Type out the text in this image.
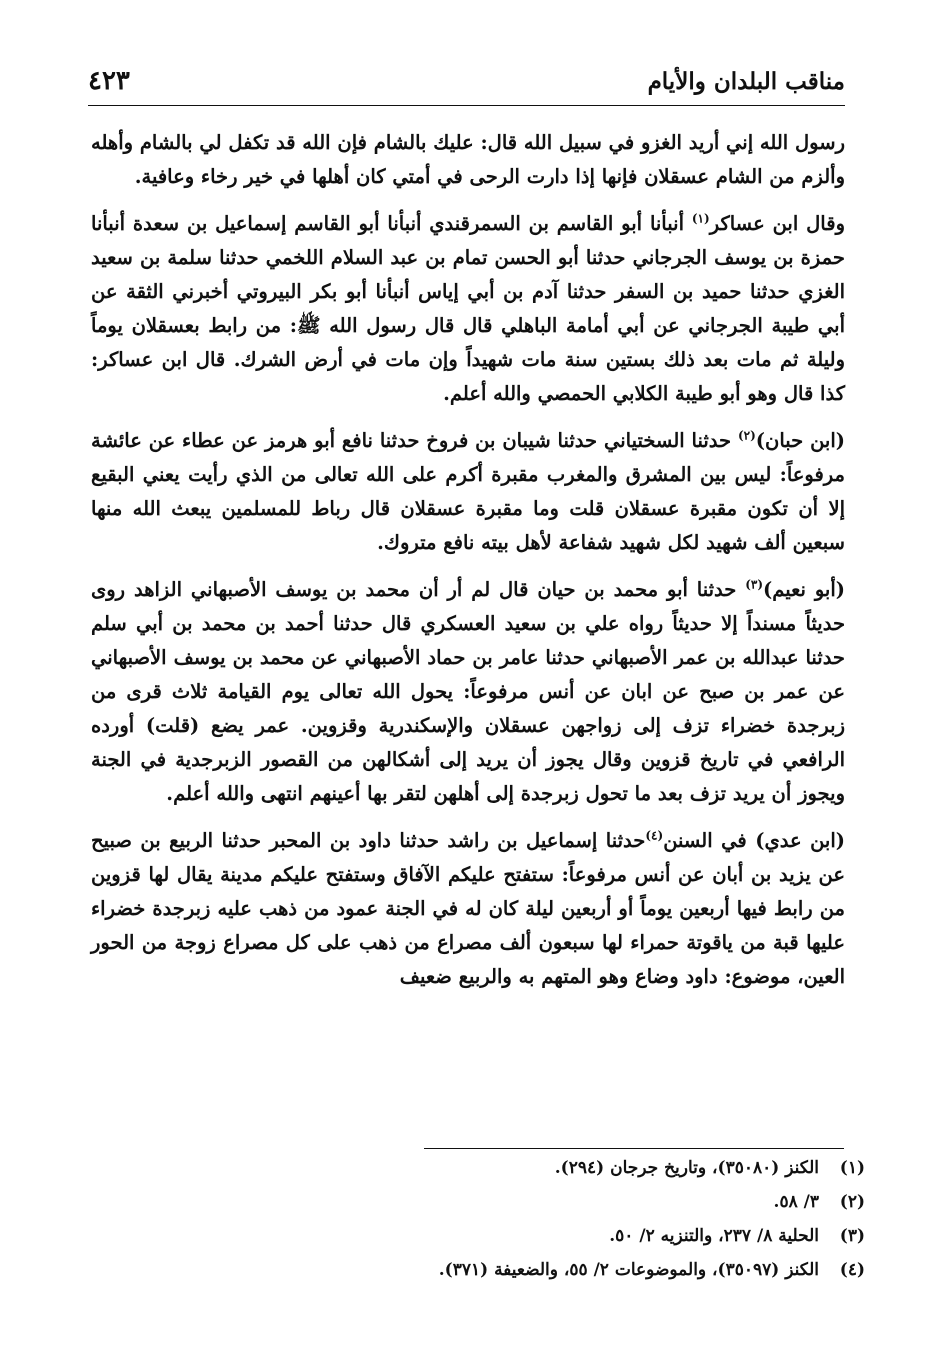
مناقب البلدان والأيام
٤٢٣

رسول الله إني أريد الغزو في سبيل الله قال: عليك بالشام فإن الله قد تكفل لي بالشام وأهله وألزم من الشام عسقلان فإنها إذا دارت الرحى في أمتي كان أهلها في خير رخاء وعافية.

وقال ابن عساكر$^{(١)}$ أنبأنا أبو القاسم بن السمرقندي أنبأنا أبو القاسم إسماعيل بن سعدة أنبأنا حمزة بن يوسف الجرجاني حدثنا أبو الحسن تمام بن عبد السلام اللخمي حدثنا سلمة بن سعيد الغزي حدثنا حميد بن السفر حدثنا آدم بن أبي إياس أنبأنا أبو بكر البيروتي أخبرني الثقة عن أبي طيبة الجرجاني عن أبي أمامة الباهلي قال قال رسول الله ﷺ: من رابط بعسقلان يوماً وليلة ثم مات بعد ذلك بستين سنة مات شهيداً وإن مات في أرض الشرك. قال ابن عساكر: كذا قال وهو أبو طيبة الكلابي الحمصي والله أعلم.

(ابن حبان)$^{(٢)}$ حدثنا السختياني حدثنا شيبان بن فروخ حدثنا نافع أبو هرمز عن عطاء عن عائشة مرفوعاً: ليس بين المشرق والمغرب مقبرة أكرم على الله تعالى من الذي رأيت يعني البقيع إلا أن تكون مقبرة عسقلان قلت وما مقبرة عسقلان قال رباط للمسلمين يبعث الله منها سبعين ألف شهيد لكل شهيد شفاعة لأهل بيته نافع متروك.

(أبو نعيم)$^{(٣)}$ حدثنا أبو محمد بن حيان قال لم أر أن محمد بن يوسف الأصبهاني الزاهد روى حديثاً مسنداً إلا حديثاً رواه علي بن سعيد العسكري قال حدثنا أحمد بن محمد بن أبي سلم حدثنا عبدالله بن عمر الأصبهاني حدثنا عامر بن حماد الأصبهاني عن محمد بن يوسف الأصبهاني عن عمر بن صبح عن ابان عن أنس مرفوعاً: يحول الله تعالى يوم القيامة ثلاث قرى من زبرجدة خضراء تزف إلى زواجهن عسقلان والإسكندرية وقزوين. عمر يضع (قلت) أورده الرافعي في تاريخ قزوين وقال يجوز أن يريد إلى أشكالهن من القصور الزبرجدية في الجنة ويجوز أن يريد تزف بعد ما تحول زبرجدة إلى أهلهن لتقر بها أعينهم انتهى والله أعلم.

(ابن عدي) في السنن$^{(٤)}$حدثنا إسماعيل بن راشد حدثنا داود بن المحبر حدثنا الربيع بن صبيح عن يزيد بن أبان عن أنس مرفوعاً: ستفتح عليكم الآفاق وستفتح عليكم مدينة يقال لها قزوين من رابط فيها أربعين يوماً أو أربعين ليلة كان له في الجنة عمود من ذهب عليه زبرجدة خضراء عليها قبة من ياقوتة حمراء لها سبعون ألف مصراع من ذهب على كل مصراع زوجة من الحور العين، موضوع: داود وضاع وهو المتهم به والربيع ضعيف

(١)
الكنز (٣٥٠٨٠)، وتاريخ جرجان (٢٩٤).
(٢)
٣/ ٥٨.
(٣)
الحلية ٨/ ٢٣٧، والتنزيه ٢/ ٥٠.
(٤)
الكنز (٣٥٠٩٧)، والموضوعات ٢/ ٥٥، والضعيفة (٣٧١).
